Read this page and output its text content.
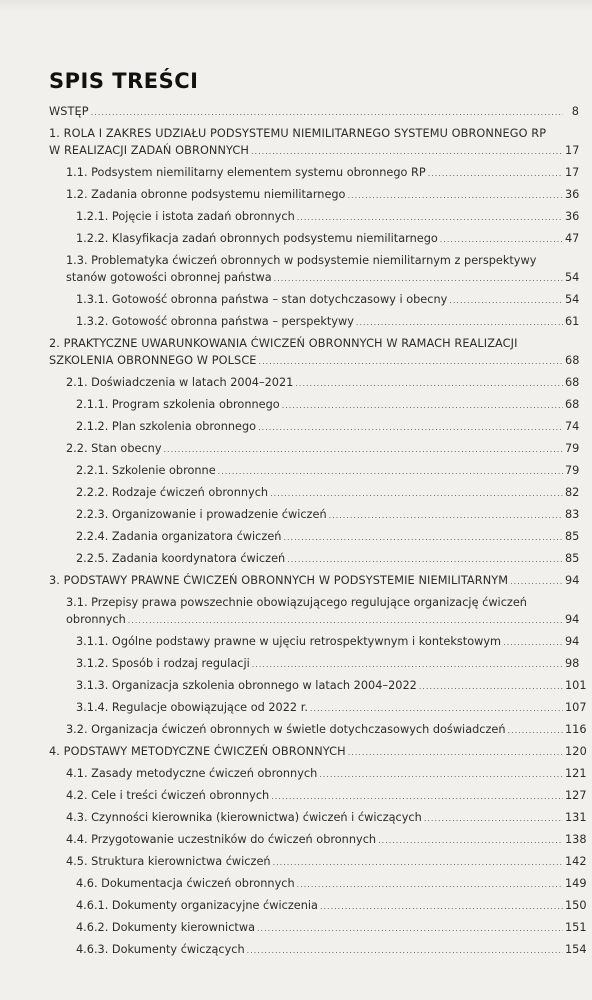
SPIS TREŚCI
WSTĘP .....	8
1. ROLA I ZAKRES UDZIAŁU PODSYSTEMU NIEMILITARNEGO SYSTEMU OBRONNEGO RP
W REALIZACJI ZADAŃ OBRONNYCH .....	17
1.1. Podsystem niemilitarny elementem systemu obronnego RP .....	17
1.2. Zadania obronne podsystemu niemilitarnego .....	36
1.2.1. Pojęcie i istota zadań obronnych .....	36
1.2.2. Klasyfikacja zadań obronnych podsystemu niemilitarnego .....	47
1.3. Problematyka ćwiczeń obronnych w podsystemie niemilitarnym z perspektywy
stanów gotowości obronnej państwa .....	54
1.3.1. Gotowość obronna państwa – stan dotychczasowy i obecny .....	54
1.3.2. Gotowość obronna państwa – perspektywy .....	61
2. PRAKTYCZNE UWARUNKOWANIA ĆWICZEŃ OBRONNYCH W RAMACH REALIZACJI
SZKOLENIA OBRONNEGO W POLSCE .....	68
2.1. Doświadczenia w latach 2004–2021 .....	68
2.1.1. Program szkolenia obronnego .....	68
2.1.2. Plan szkolenia obronnego .....	74
2.2. Stan obecny .....	79
2.2.1. Szkolenie obronne .....	79
2.2.2. Rodzaje ćwiczeń obronnych .....	82
2.2.3. Organizowanie i prowadzenie ćwiczeń .....	83
2.2.4. Zadania organizatora ćwiczeń .....	85
2.2.5. Zadania koordynatora ćwiczeń .....	85
3. PODSTAWY PRAWNE ĆWICZEŃ OBRONNYCH W PODSYSTEMIE NIEMILITARNYM .....	94
3.1. Przepisy prawa powszechnie obowiązującego regulujące organizację ćwiczeń
obronnych .....	94
3.1.1. Ogólne podstawy prawne w ujęciu retrospektywnym i kontekstowym .....	94
3.1.2. Sposób i rodzaj regulacji .....	98
3.1.3. Organizacja szkolenia obronnego w latach 2004–2022 .....	101
3.1.4. Regulacje obowiązujące od 2022 r. .....	107
3.2. Organizacja ćwiczeń obronnych w świetle dotychczasowych doświadczeń .....	116
4. PODSTAWY METODYCZNE ĆWICZEŃ OBRONNYCH .....	120
4.1. Zasady metodyczne ćwiczeń obronnych .....	121
4.2. Cele i treści ćwiczeń obronnych .....	127
4.3. Czynności kierownika (kierownictwa) ćwiczeń i ćwiczących .....	131
4.4. Przygotowanie uczestników do ćwiczeń obronnych .....	138
4.5. Struktura kierownictwa ćwiczeń .....	142
4.6. Dokumentacja ćwiczeń obronnych .....	149
4.6.1. Dokumenty organizacyjne ćwiczenia .....	150
4.6.2. Dokumenty kierownictwa .....	151
4.6.3. Dokumenty ćwiczących .....	154
